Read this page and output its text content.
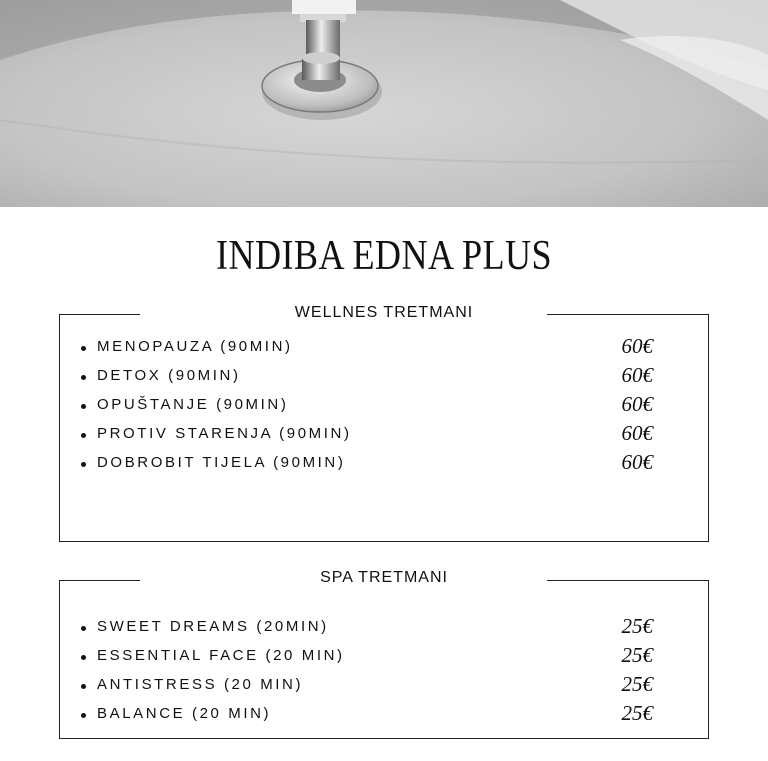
INDIBA EDNA PLUS
WELLNES TRETMANI
MENOPAUZA (90MIN)	60€
DETOX (90MIN)	60€
OPUŠTANJE (90MIN)	60€
PROTIV STARENJA (90MIN)	60€
DOBROBIT TIJELA (90MIN)	60€
SPA TRETMANI
SWEET DREAMS (20MIN)	25€
ESSENTIAL FACE (20 MIN)	25€
ANTISTRESS (20 MIN)	25€
BALANCE (20 MIN)	25€
